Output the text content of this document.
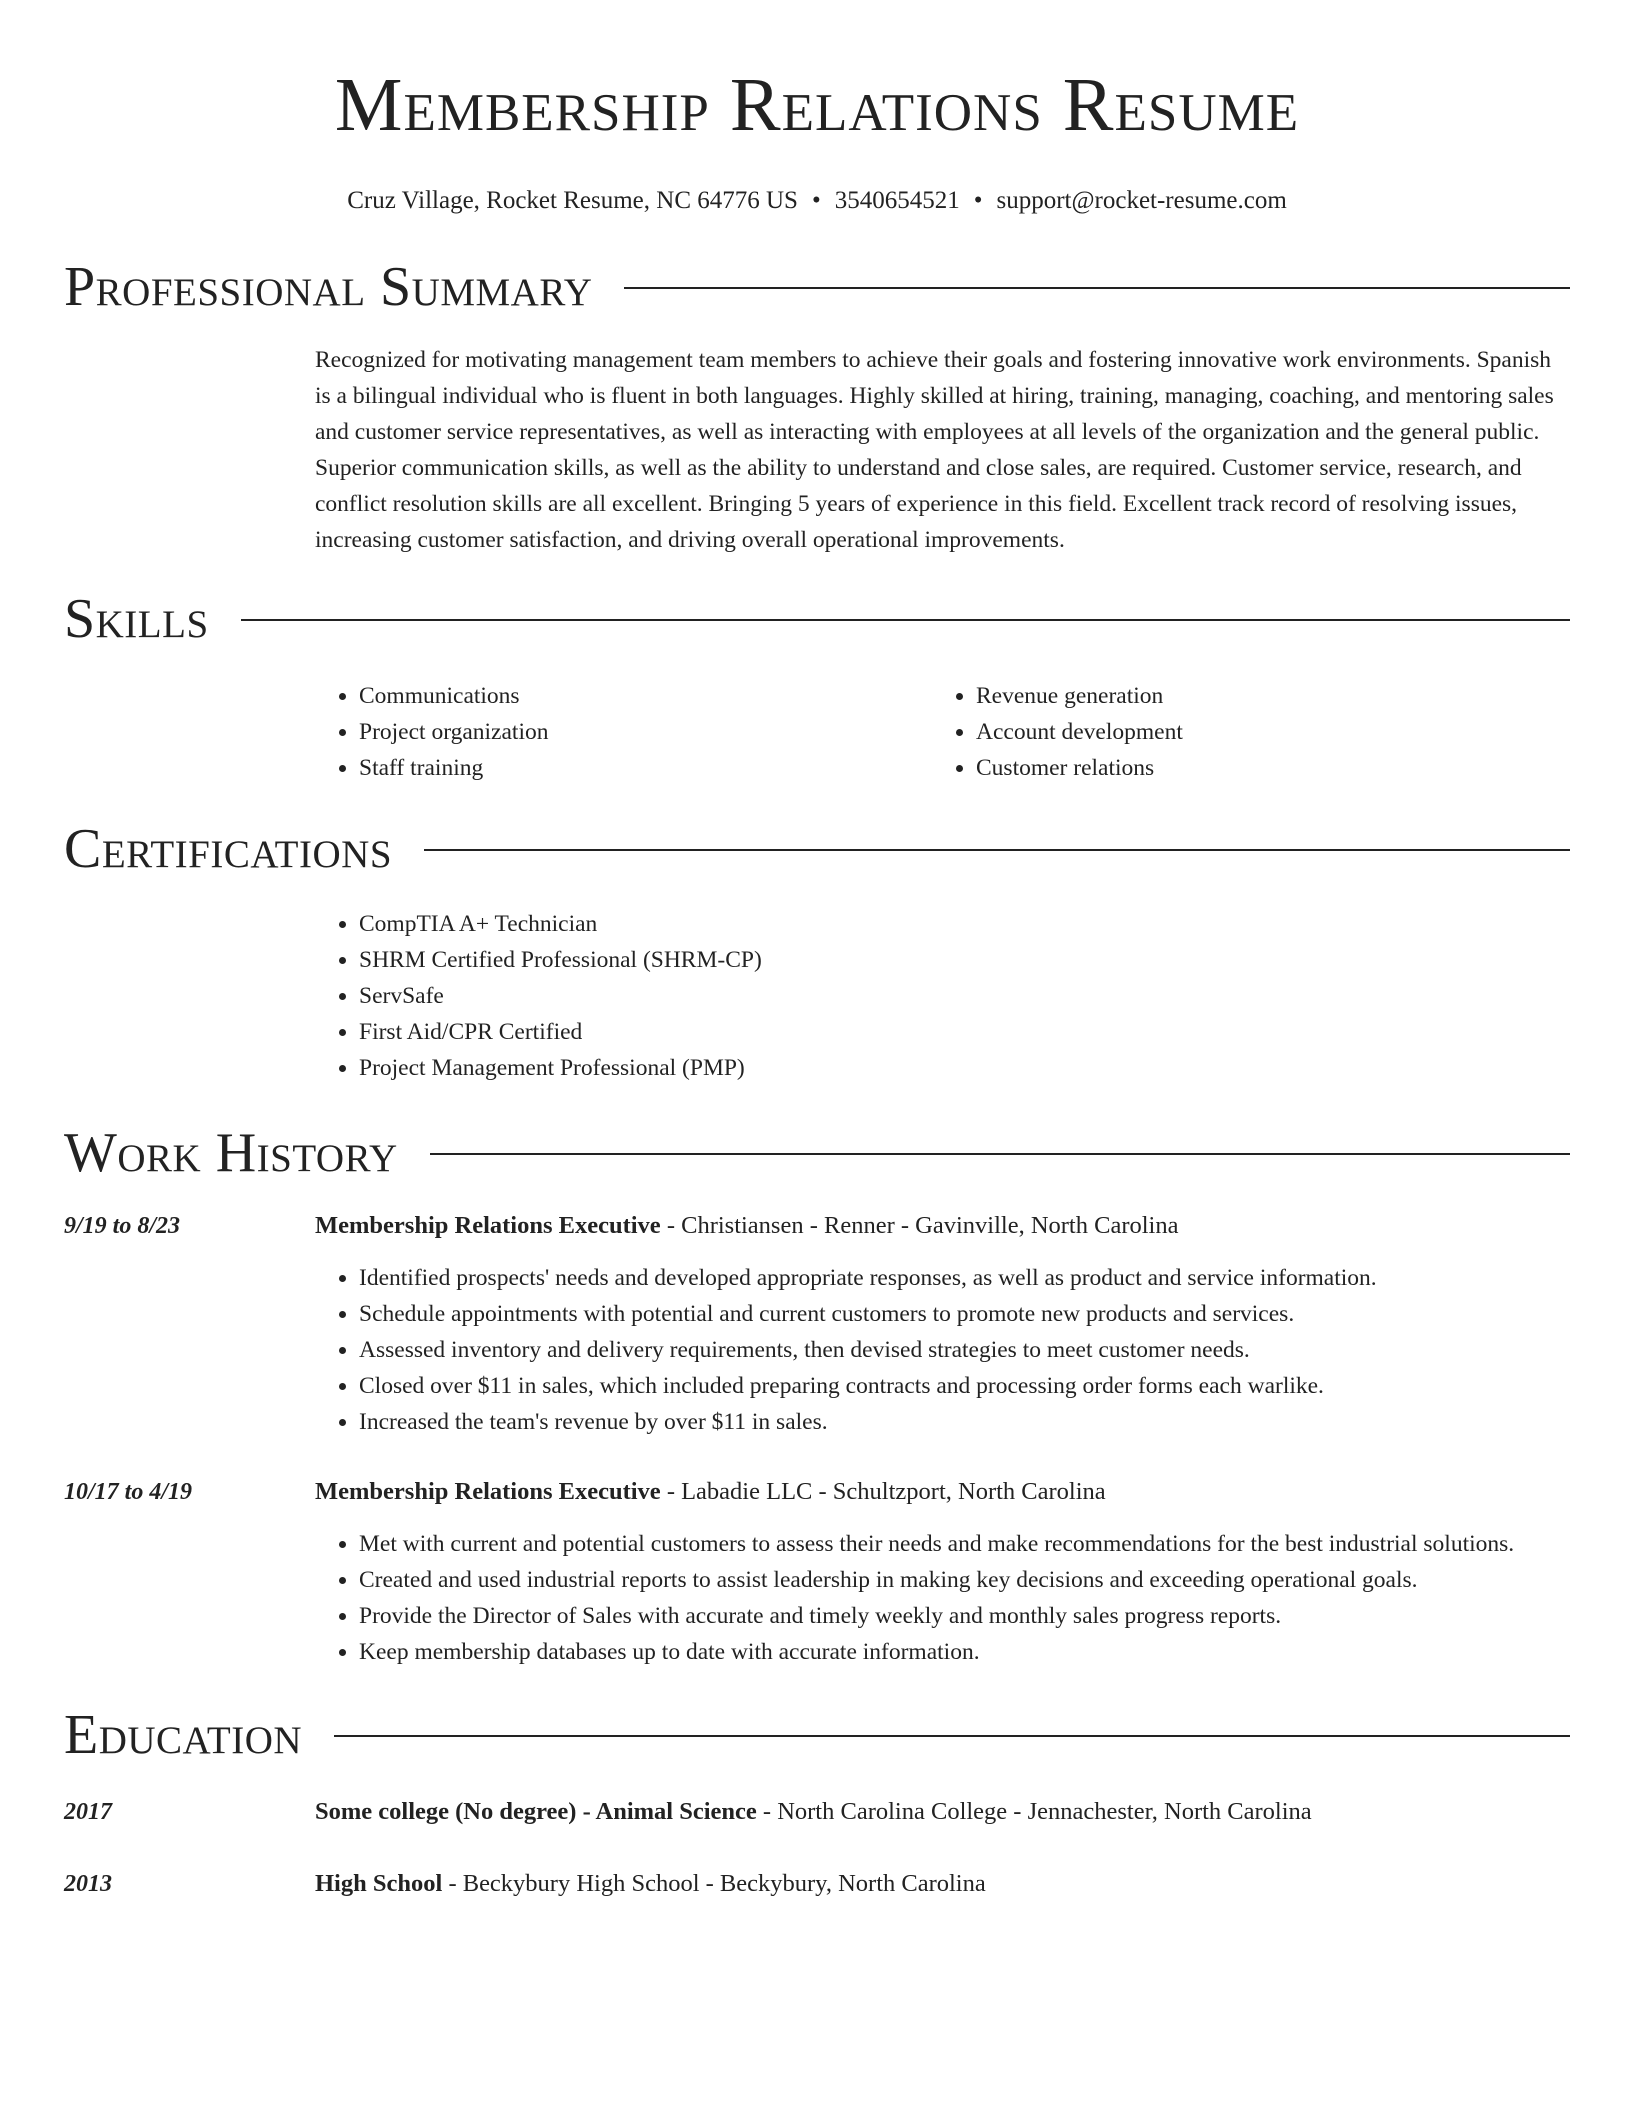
Membership Relations Resume
Cruz Village, Rocket Resume, NC 64776 US • 3540654521 • support@rocket-resume.com
Professional Summary
Recognized for motivating management team members to achieve their goals and fostering innovative work environments. Spanish is a bilingual individual who is fluent in both languages. Highly skilled at hiring, training, managing, coaching, and mentoring sales and customer service representatives, as well as interacting with employees at all levels of the organization and the general public. Superior communication skills, as well as the ability to understand and close sales, are required. Customer service, research, and conflict resolution skills are all excellent. Bringing 5 years of experience in this field. Excellent track record of resolving issues, increasing customer satisfaction, and driving overall operational improvements.
Skills
• Communications
• Project organization
• Staff training
• Revenue generation
• Account development
• Customer relations
Certifications
• CompTIA A+ Technician
• SHRM Certified Professional (SHRM-CP)
• ServSafe
• First Aid/CPR Certified
• Project Management Professional (PMP)
Work History
9/19 to 8/23	Membership Relations Executive - Christiansen - Renner - Gavinville, North Carolina
• Identified prospects' needs and developed appropriate responses, as well as product and service information.
• Schedule appointments with potential and current customers to promote new products and services.
• Assessed inventory and delivery requirements, then devised strategies to meet customer needs.
• Closed over $11 in sales, which included preparing contracts and processing order forms each warlike.
• Increased the team's revenue by over $11 in sales.
10/17 to 4/19	Membership Relations Executive - Labadie LLC - Schultzport, North Carolina
• Met with current and potential customers to assess their needs and make recommendations for the best industrial solutions.
• Created and used industrial reports to assist leadership in making key decisions and exceeding operational goals.
• Provide the Director of Sales with accurate and timely weekly and monthly sales progress reports.
• Keep membership databases up to date with accurate information.
Education
2017	Some college (No degree) - Animal Science - North Carolina College - Jennachester, North Carolina
2013	High School - Beckybury High School - Beckybury, North Carolina
